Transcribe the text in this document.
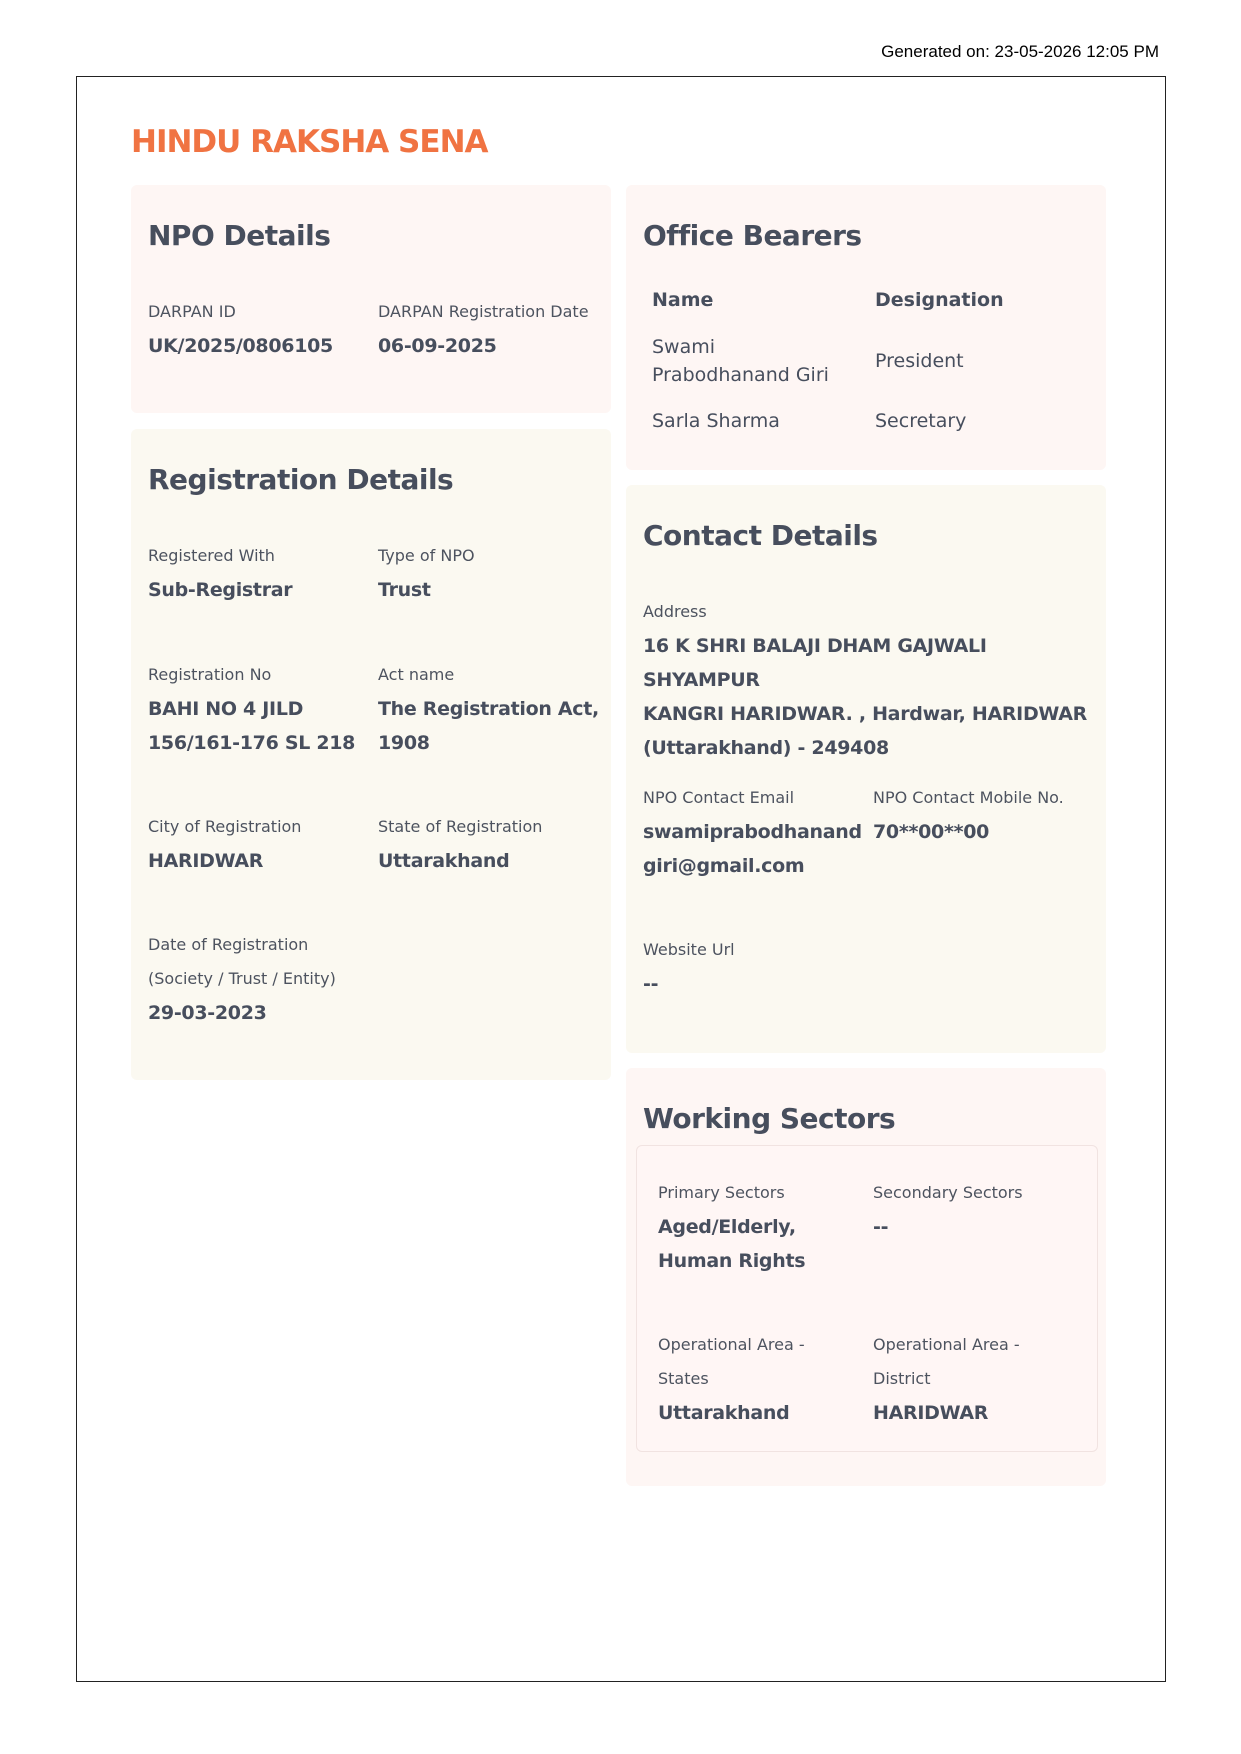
Generated on: 23-05-2026 12:05 PM
HINDU RAKSHA SENA
NPO Details
DARPAN ID
UK/2025/0806105
DARPAN Registration Date
06-09-2025
Registration Details
Registered With
Sub-Registrar
Type of NPO
Trust
Registration No
BAHI NO 4 JILD
156/161-176 SL 218
Act name
The Registration Act,
1908
City of Registration
HARIDWAR
State of Registration
Uttarakhand
Date of Registration
(Society / Trust / Entity)
29-03-2023
Office Bearers
Name	Designation
Swami
Prabodhanand Giri
President
Sarla Sharma	Secretary
Contact Details
Address
16 K SHRI BALAJI DHAM GAJWALI SHYAMPUR
KANGRI HARIDWAR. , Hardwar, HARIDWAR
(Uttarakhand) - 249408
NPO Contact Email
swamiprabodhanand
giri@gmail.com
NPO Contact Mobile No.
70**00**00
Website Url
--
Working Sectors
Primary Sectors
Aged/Elderly,
Human Rights
Secondary Sectors
--
Operational Area -
States
Uttarakhand
Operational Area -
District
HARIDWAR
